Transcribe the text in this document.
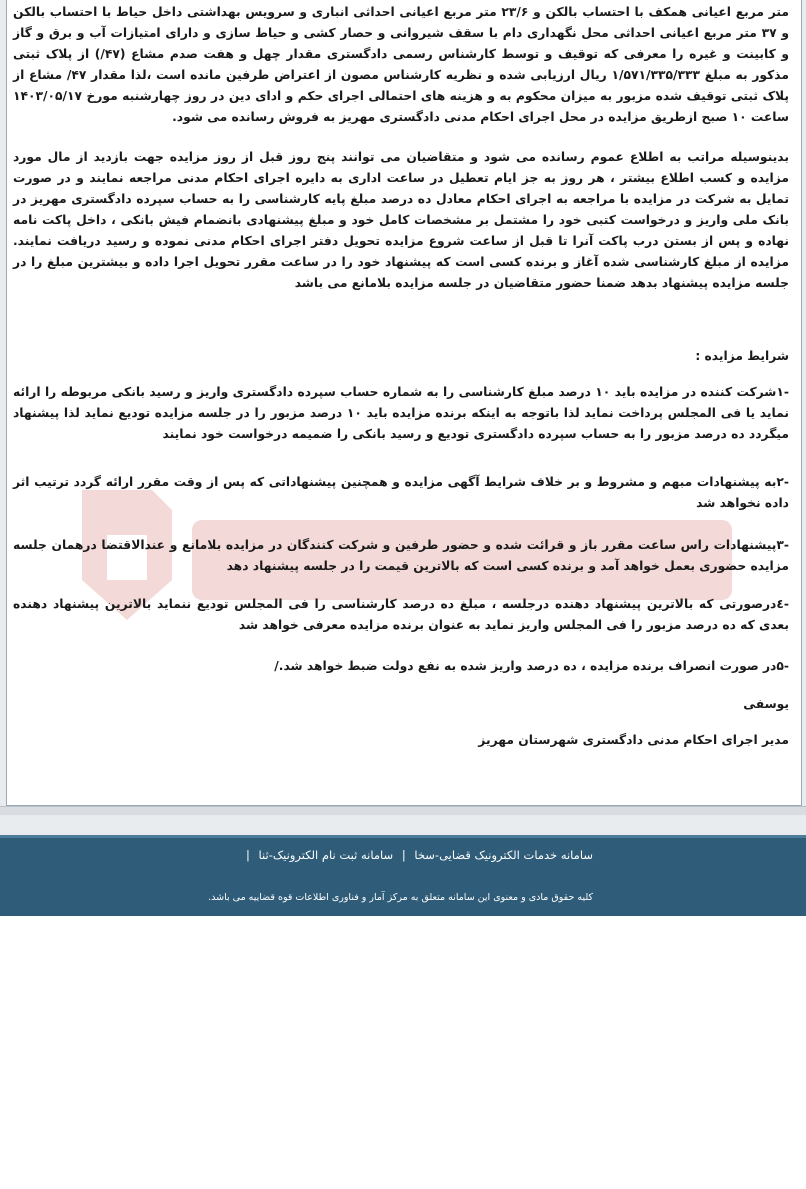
متر مربع اعیانی همکف با احتساب بالکن و ۲۳/۶ متر مربع اعیانی احداثی انباری و سرویس بهداشتی داخل حیاط با احتساب بالکن و ۳۷ متر مربع اعیانی احداثی محل نگهداری دام با سقف شیروانی و حصار کشی و حیاط سازی و دارای امتیازات آب و برق و گاز و کابینت و غیره را معرفی که توقیف و توسط کارشناس رسمی دادگستری مقدار چهل و هفت صدم مشاع (۴۷/) از پلاک ثبتی مذکور به مبلغ ۱/۵۷۱/۳۳۵/۳۳۳ ریال ارزیابی شده و نظریه کارشناس مصون از اعتراض طرفین مانده است ،لذا مقدار ۴۷/ مشاع از پلاک ثبتی توقیف شده مزبور به میزان محکوم به و هزینه های احتمالی اجرای حکم و ادای دین در روز چهارشنبه مورخ ۱۴۰۳/۰۵/۱۷ ساعت ۱۰ صبح ازطریق مزایده در محل اجرای احکام مدنی دادگستری مهریز به فروش رسانده می شود.

بدینوسیله مراتب به اطلاع عموم رسانده می شود و متقاضیان می توانند پنج روز قبل از روز مزایده جهت بازدید از مال مورد مزایده و کسب اطلاع بیشتر ، هر روز به جز ایام تعطیل در ساعت اداری به دایره اجرای احکام مدنی مراجعه نمایند و در صورت تمایل به شرکت در مزایده با مراجعه به اجرای احکام معادل ده درصد مبلغ پایه کارشناسی را به حساب سپرده دادگستری مهریز در بانک ملی واریز و درخواست کتبی خود را مشتمل بر مشخصات کامل خود و مبلغ پیشنهادی بانضمام فیش بانکی ، داخل پاکت نامه نهاده و پس از بستن درب پاکت آنرا تا قبل از ساعت شروع مزایده تحویل دفتر اجرای احکام مدنی نموده و رسید دریافت نمایند. مزایده از مبلغ کارشناسی شده آغاز و برنده کسی است که پیشنهاد خود را در ساعت مقرر تحویل اجرا داده و بیشترین مبلغ را در جلسه مزایده پیشنهاد بدهد ضمنا حضور متقاضیان در جلسه مزایده بلامانع می باشد

شرایط مزایده :

-۱شرکت کننده در مزایده باید ۱۰ درصد مبلغ کارشناسی را به شماره حساب سپرده دادگستری واریز و رسید بانکی مربوطه را ارائه نماید یا فی المجلس پرداخت نماید لذا باتوجه به اینکه برنده مزایده باید ۱۰ درصد مزبور را در جلسه مزایده تودیع نماید لذا پیشنهاد میگردد ده درصد مزبور را به حساب سپرده دادگستری تودیع و رسید بانکی را ضمیمه درخواست خود نمایند

-۲به پیشنهادات مبهم و مشروط و بر خلاف شرایط آگهی مزایده و همچنین پیشنهاداتی که پس از وقت مقرر ارائه گردد ترتیب اثر داده نخواهد شد

-۳پیشنهادات راس ساعت مقرر باز و قرائت شده و حضور طرفین و شرکت کنندگان در مزایده بلامانع و عندالاقتضا درهمان جلسه مزایده حضوری بعمل خواهد آمد و برنده کسی است که بالاترین قیمت را در جلسه پیشنهاد دهد

-٤درصورتی که بالاترین پیشنهاد دهنده درجلسه ، مبلغ ده درصد کارشناسی را فی المجلس تودیع ننماید بالاترین پیشنهاد دهنده بعدی که ده درصد مزبور را فی المجلس واریز نماید به عنوان برنده مزایده معرفی خواهد شد

-۵در صورت انصراف برنده مزایده ، ده درصد واریز شده به نفع دولت ضبط خواهد شد./

یوسفی

مدیر اجرای احکام مدنی دادگستری شهرستان مهریز

سامانه خدمات الکترونیک قضایی-سخا | سامانه ثبت نام الکترونیک-ثنا |
کلیه حقوق مادی و معنوی این سامانه متعلق به مرکز آمار و فناوری اطلاعات قوه قضاییه می باشد.
